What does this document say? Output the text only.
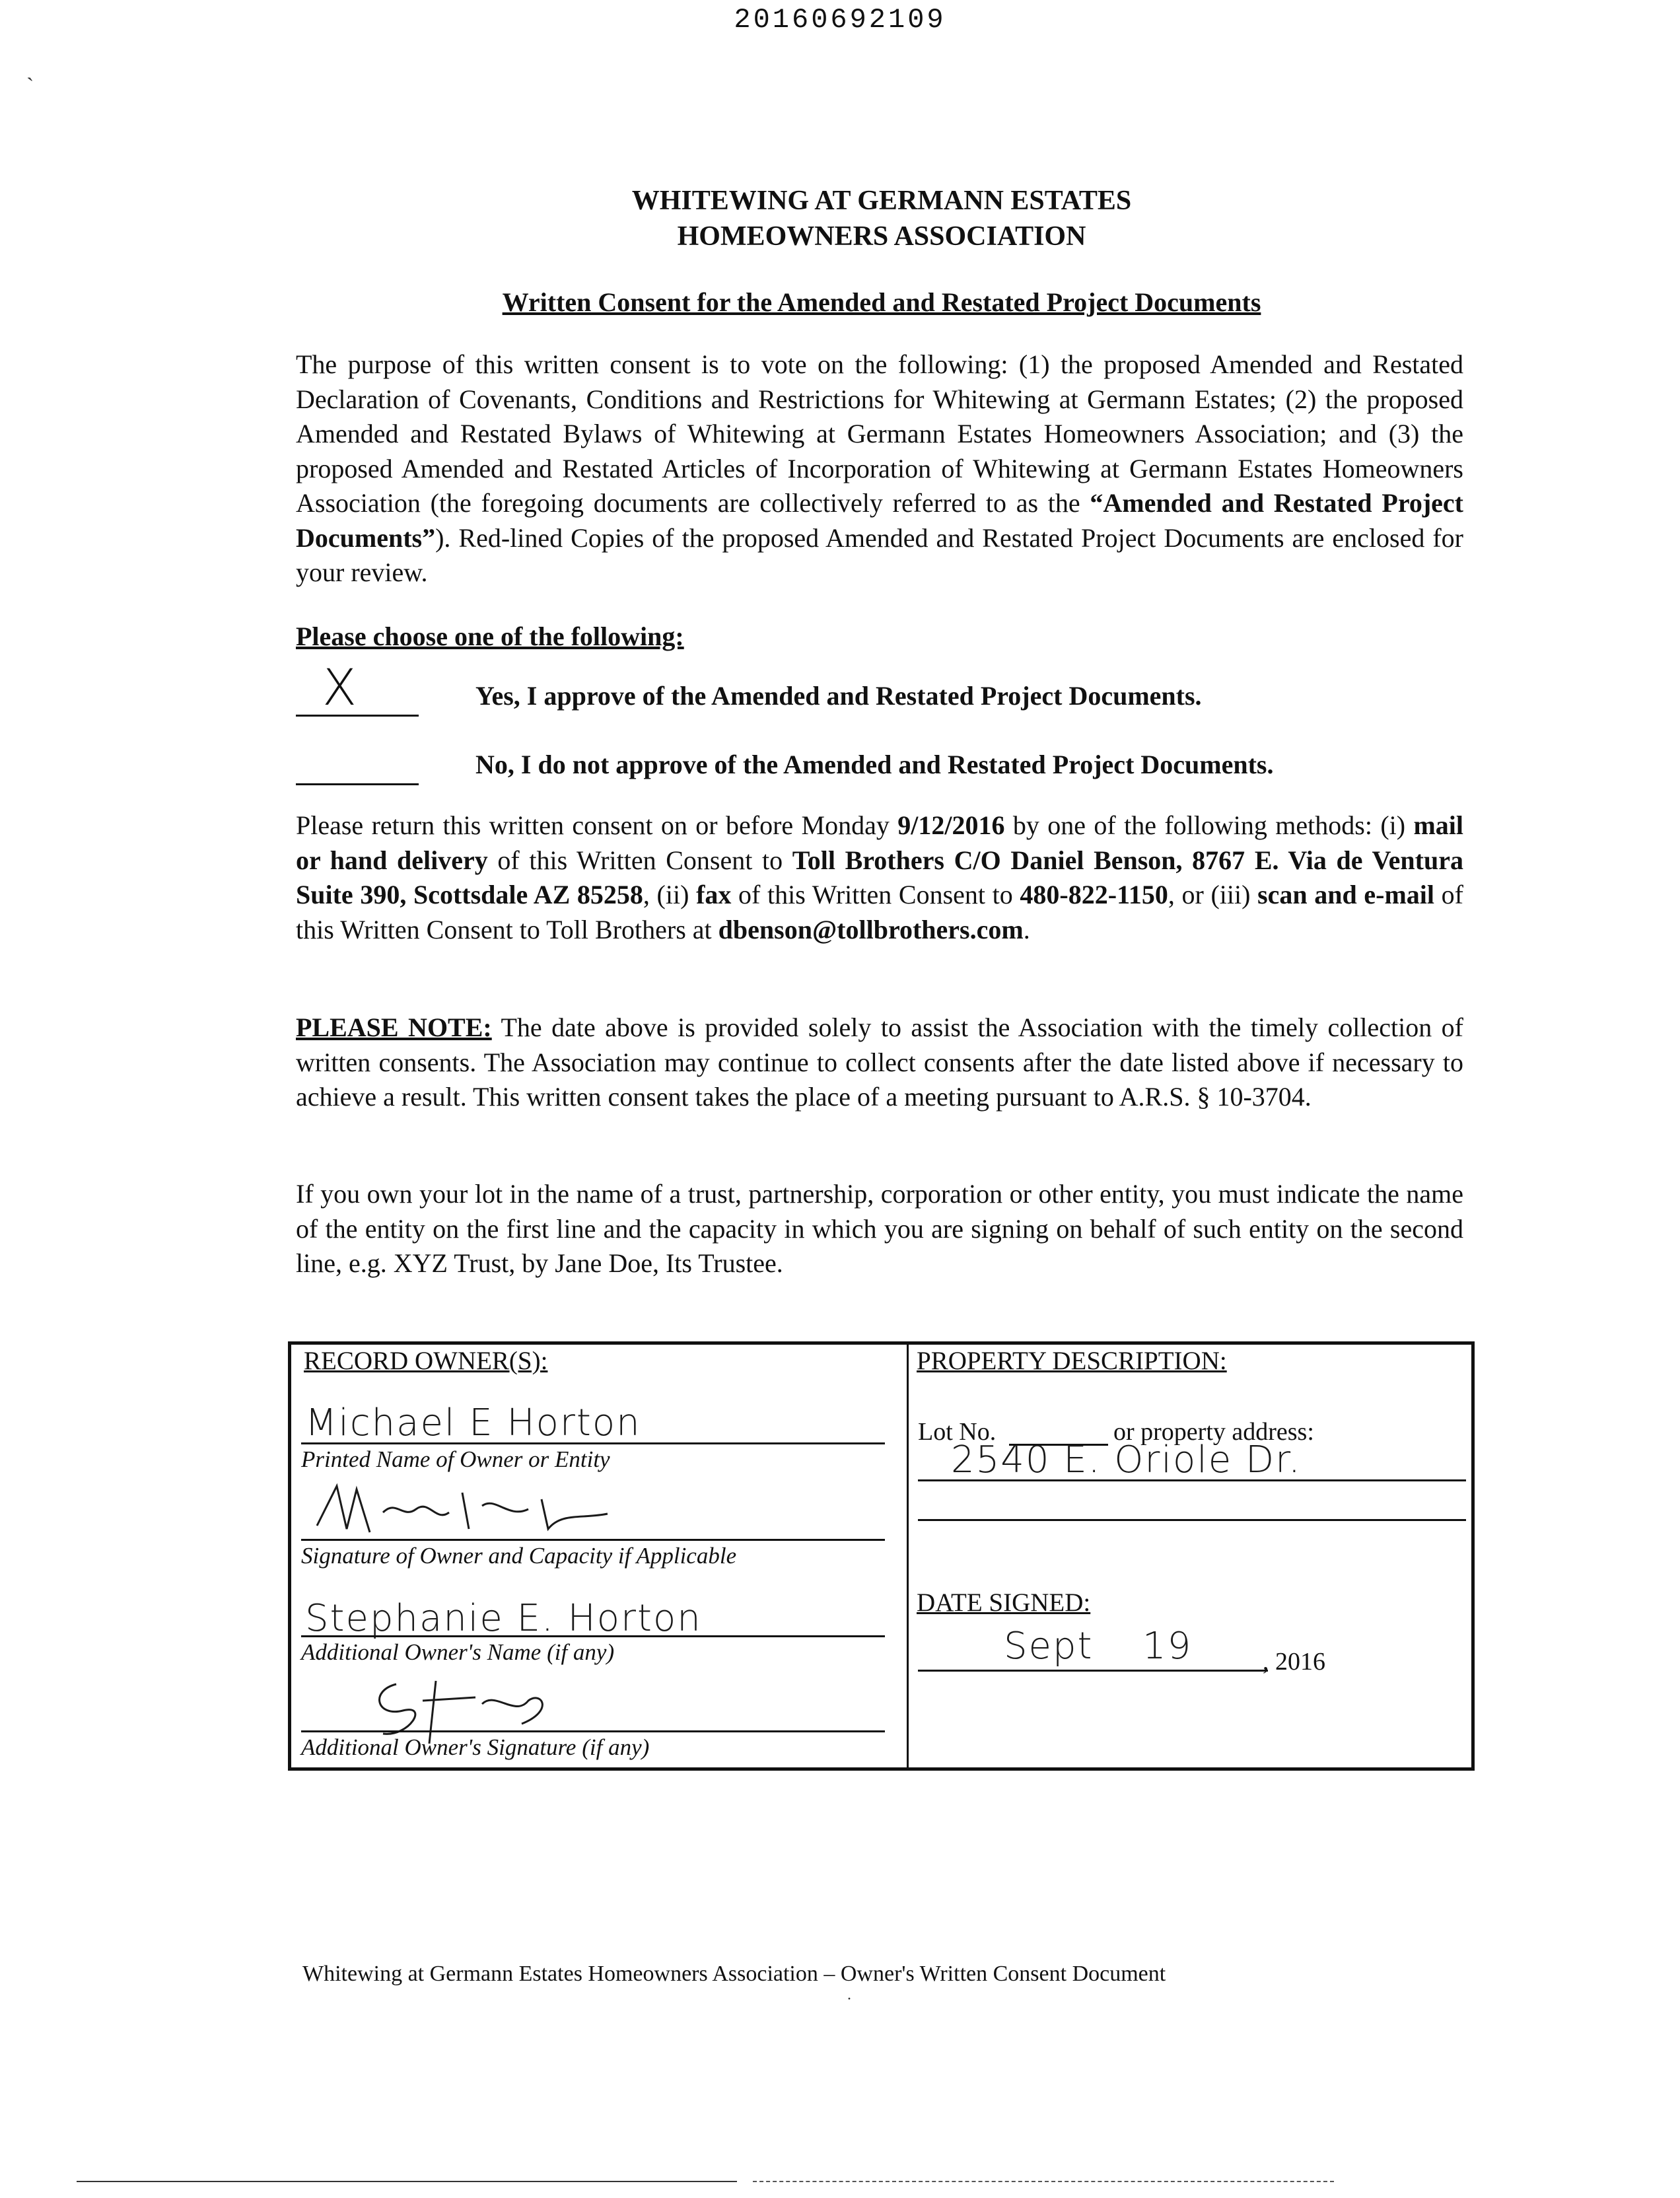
20160692109
ˏ
WHITEWING AT GERMANN ESTATES
HOMEOWNERS ASSOCIATION
Written Consent for the Amended and Restated Project Documents
The purpose of this written consent is to vote on the following: (1) the proposed Amended and Restated Declaration of Covenants, Conditions and Restrictions for Whitewing at Germann Estates; (2) the proposed Amended and Restated Bylaws of Whitewing at Germann Estates Homeowners Association; and (3) the proposed Amended and Restated Articles of Incorporation of Whitewing at Germann Estates Homeowners Association (the foregoing documents are collectively referred to as the “Amended and Restated Project Documents”). Red-lined Copies of the proposed Amended and Restated Project Documents are enclosed for your review.
Please choose one of the following:
X	Yes, I approve of the Amended and Restated Project Documents.
No, I do not approve of the Amended and Restated Project Documents.
Please return this written consent on or before Monday 9/12/2016 by one of the following methods: (i) mail or hand delivery of this Written Consent to Toll Brothers C/O Daniel Benson, 8767 E. Via de Ventura Suite 390, Scottsdale AZ 85258, (ii) fax of this Written Consent to 480-822-1150, or (iii) scan and e-mail of this Written Consent to Toll Brothers at dbenson@tollbrothers.com.
PLEASE NOTE: The date above is provided solely to assist the Association with the timely collection of written consents. The Association may continue to collect consents after the date listed above if necessary to achieve a result. This written consent takes the place of a meeting pursuant to A.R.S. § 10-3704.
If you own your lot in the name of a trust, partnership, corporation or other entity, you must indicate the name of the entity on the first line and the capacity in which you are signing on behalf of such entity on the second line, e.g. XYZ Trust, by Jane Doe, Its Trustee.
RECORD OWNER(S):
Michael E Horton
Printed Name of Owner or Entity
Signature of Owner and Capacity if Applicable
Stephanie E. Horton
Additional Owner's Name (if any)
Additional Owner's Signature (if any)
PROPERTY DESCRIPTION:
Lot No.	or property address:
2540 E. Oriole Dr.
DATE SIGNED:
Sept 19	, 2016
Whitewing at Germann Estates Homeowners Association – Owner's Written Consent Document
·
